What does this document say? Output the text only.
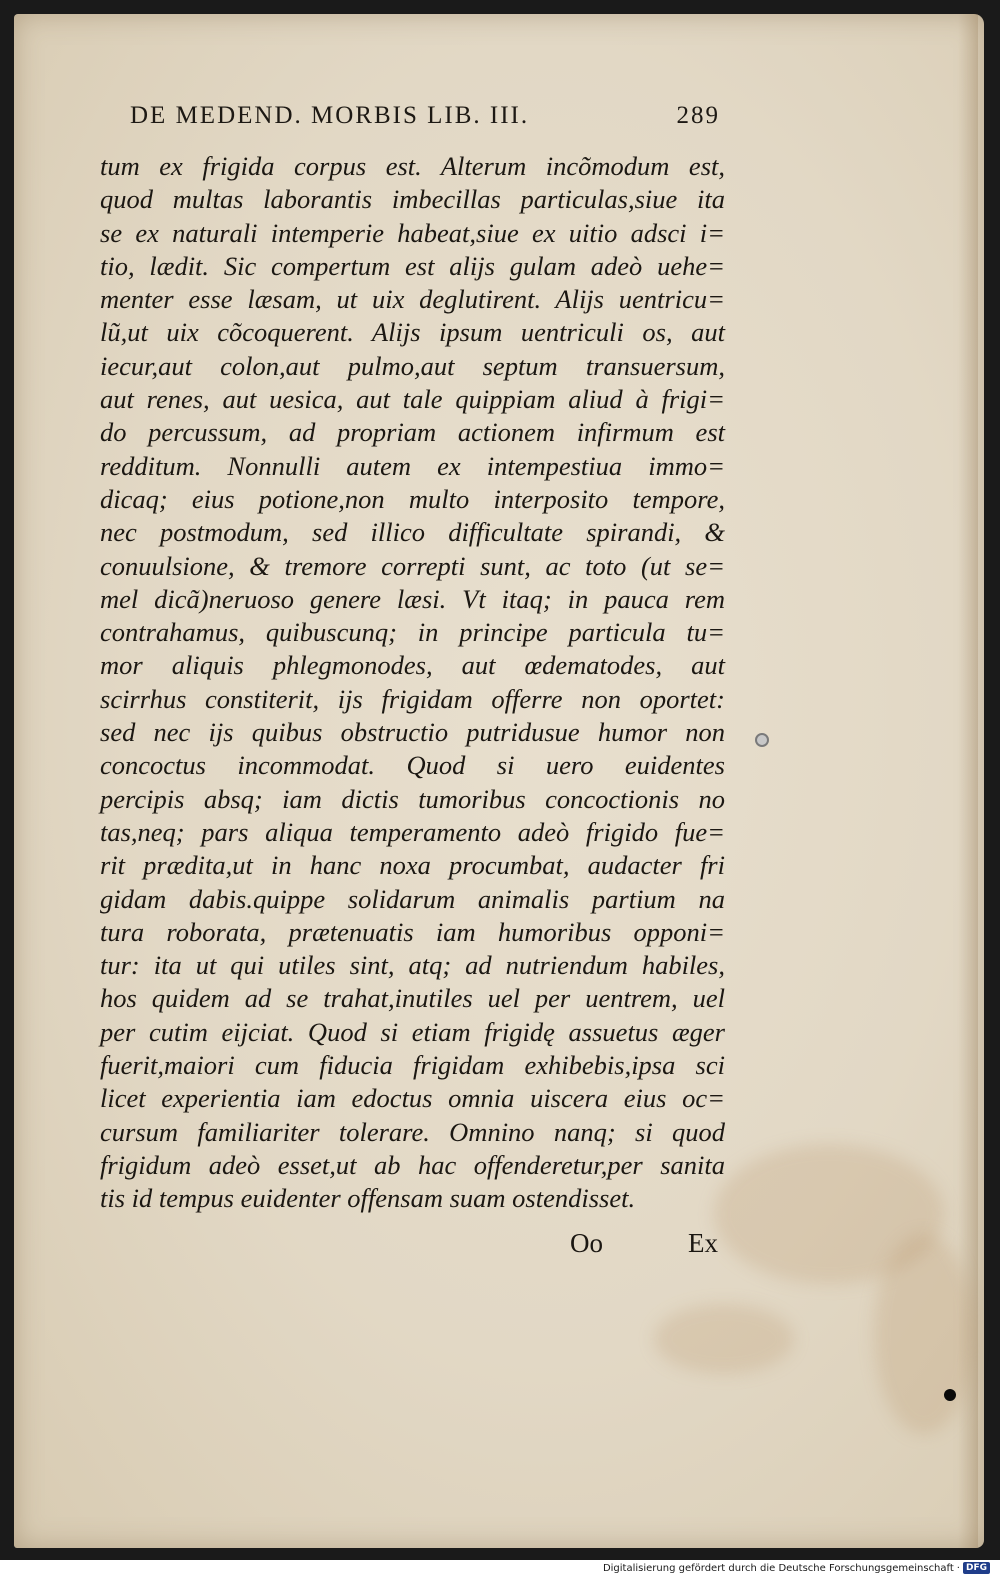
DE MEDEND. MORBIS LIB. III.	289
tum ex frigida corpus est. Alterum incõmodum est,
quod multas laborantis imbecillas particulas,siue ita
se ex naturali intemperie habeat,siue ex uitio adsci i=
tio, lædit. Sic compertum est alijs gulam adeò uehe=
menter esse læsam, ut uix deglutirent. Alijs uentricu=
lũ,ut uix cõcoquerent. Alijs ipsum uentriculi os, aut
iecur,aut colon,aut pulmo,aut septum transuersum,
aut renes, aut uesica, aut tale quippiam aliud à frigi=
do percussum, ad propriam actionem infirmum est
redditum. Nonnulli autem ex intempestiua immo=
dicaq; eius potione,non multo interposito tempore,
nec postmodum, sed illico difficultate spirandi, &
conuulsione, & tremore correpti sunt, ac toto (ut se=
mel dicã)neruoso genere læsi. Vt itaq; in pauca rem
contrahamus, quibuscunq; in principe particula tu=
mor aliquis phlegmonodes, aut œdematodes, aut
scirrhus constiterit, ijs frigidam offerre non oportet:
sed nec ijs quibus obstructio putridusue humor non
concoctus incommodat. Quod si uero euidentes
percipis absq; iam dictis tumoribus concoctionis no
tas,neq; pars aliqua temperamento adeò frigido fue=
rit prædita,ut in hanc noxa procumbat, audacter fri
gidam dabis.quippe solidarum animalis partium na
tura roborata, prætenuatis iam humoribus opponi=
tur: ita ut qui utiles sint, atq; ad nutriendum habiles,
hos quidem ad se trahat,inutiles uel per uentrem, uel
per cutim eijciat. Quod si etiam frigidę assuetus æger
fuerit,maiori cum fiducia frigidam exhibebis,ipsa sci
licet experientia iam edoctus omnia uiscera eius oc=
cursum familiariter tolerare. Omnino nanq; si quod
frigidum adeò esset,ut ab hac offenderetur,per sanita
tis id tempus euidenter offensam suam ostendisset.
Oo	Ex
Digitalisierung gefördert durch die Deutsche Forschungsgemeinschaft · DFG
